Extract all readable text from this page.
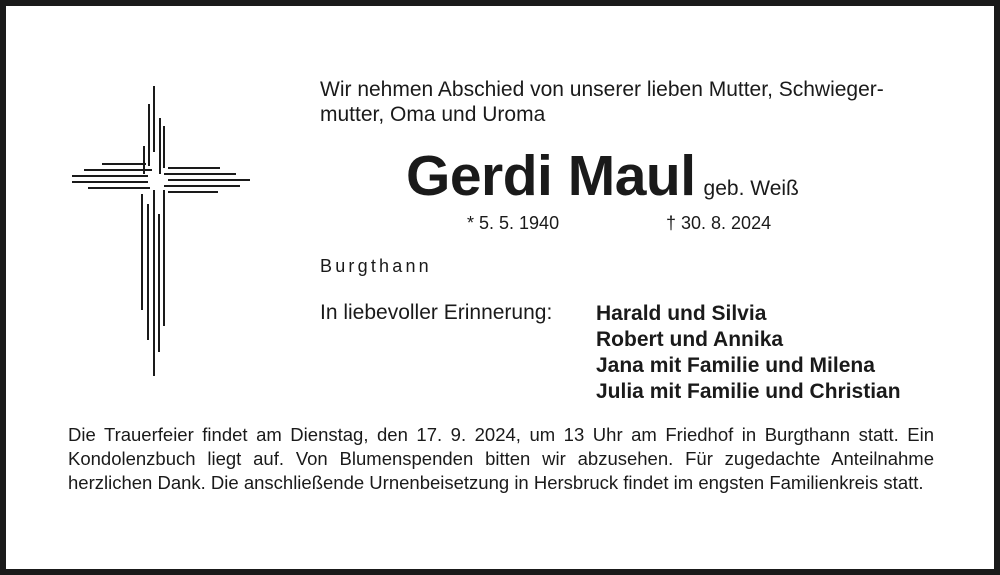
Wir nehmen Abschied von unserer lieben Mutter, Schwieger-mutter, Oma und Uroma
Gerdi Maul geb. Weiß
* 5. 5. 1940	† 30. 8. 2024
Burgthann
In liebevoller Erinnerung: Harald und Silvia
Robert und Annika
Jana mit Familie und Milena
Julia mit Familie und Christian

Die Trauerfeier findet am Dienstag, den 17. 9. 2024, um 13 Uhr am Friedhof in Burgthann statt. Ein Kondolenzbuch liegt auf. Von Blumenspenden bitten wir abzusehen. Für zugedachte Anteilnahme herzlichen Dank. Die anschließende Urnenbeisetzung in Hersbruck findet im engsten Familienkreis statt.
